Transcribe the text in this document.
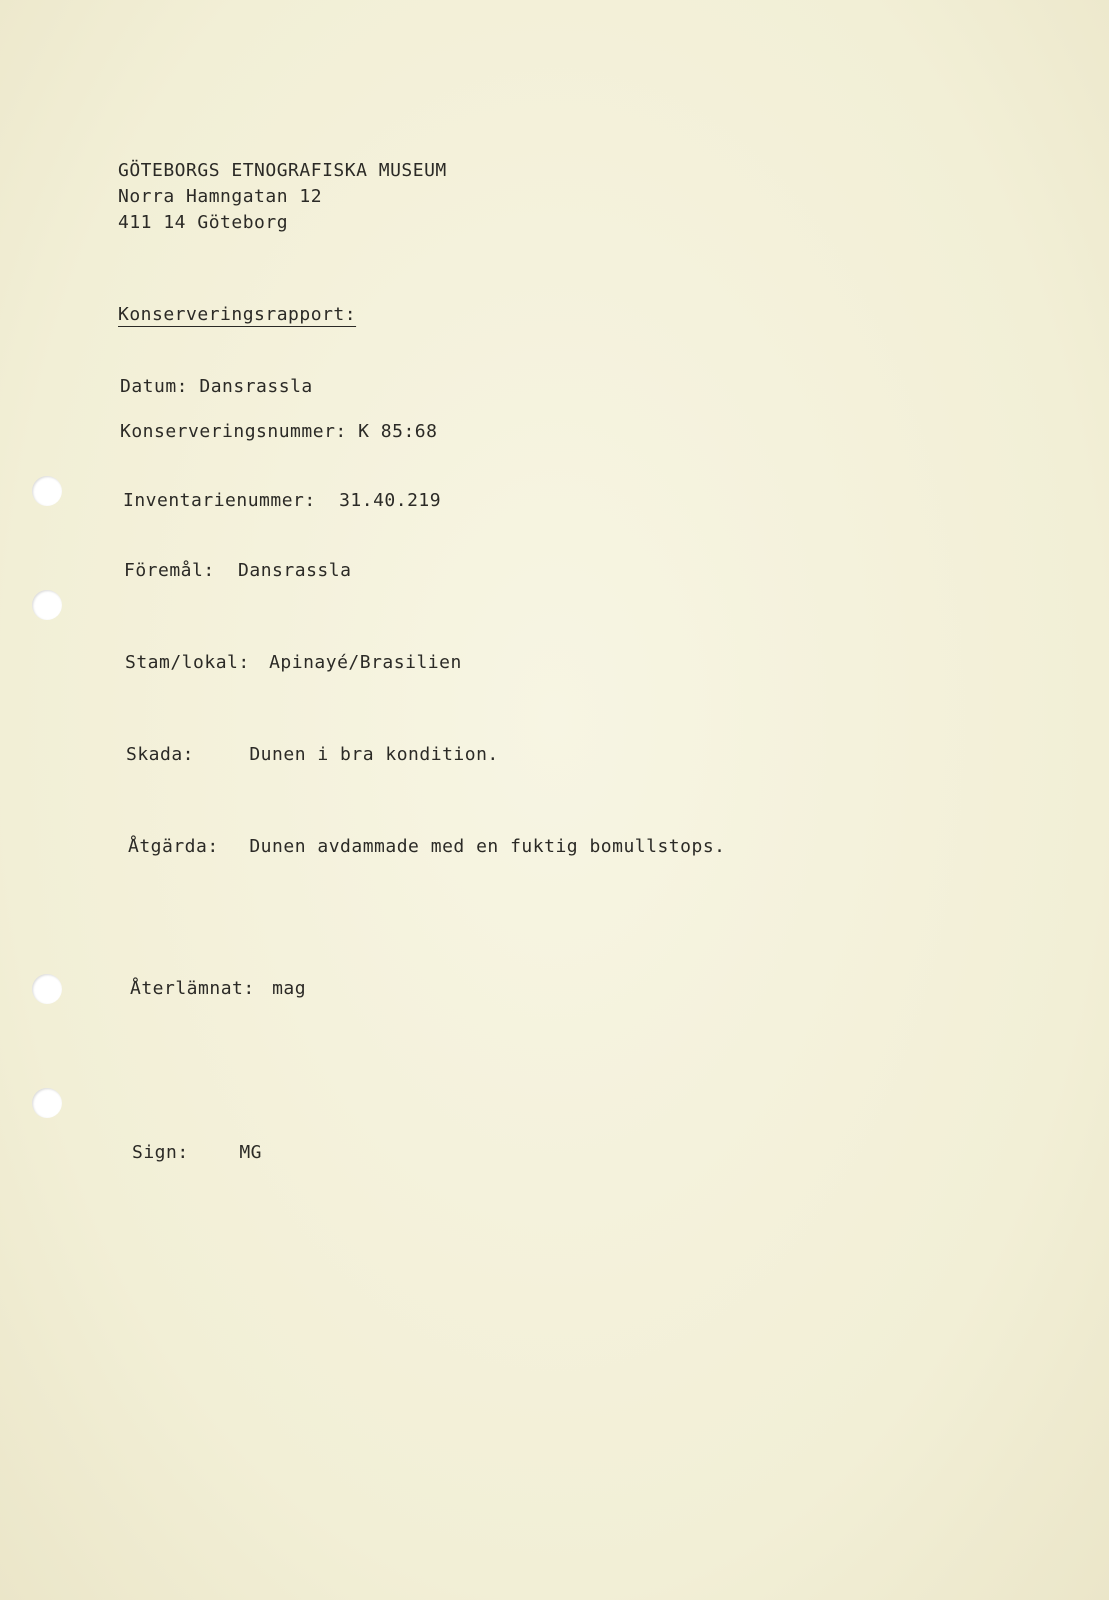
GÖTEBORGS ETNOGRAFISKA MUSEUM
Norra Hamngatan 12
411 14 Göteborg
Konserveringsrapport:
Datum: Dansrassla
Konserveringsnummer: K 85:68
Inventarienummer: 31.40.219
Föremål: Dansrassla
Stam/lokal: Apinayé/Brasilien
Skada:	Dunen i bra kondition.
Åtgärda: Dunen avdammade med en fuktig bomullstops.
Återlämnat: mag
Sign:	MG
